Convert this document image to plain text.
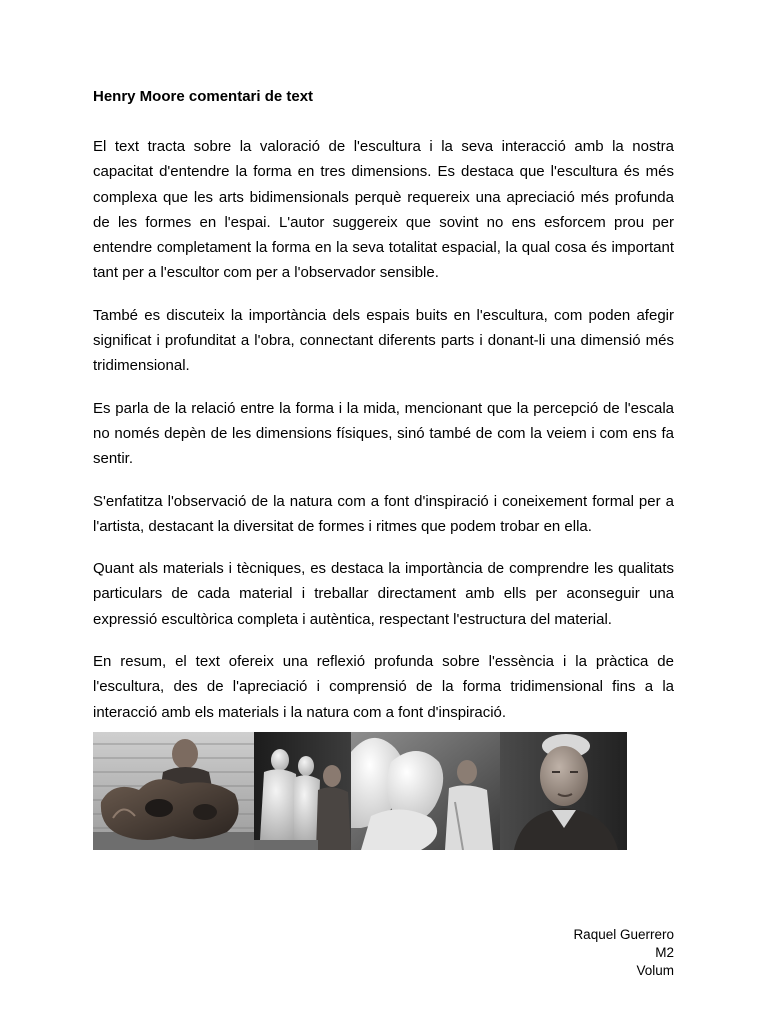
Henry Moore comentari de text

El text tracta sobre la valoració de l'escultura i la seva interacció amb la nostra capacitat d'entendre la forma en tres dimensions. Es destaca que l'escultura és més complexa que les arts bidimensionals perquè requereix una apreciació més profunda de les formes en l'espai. L'autor suggereix que sovint no ens esforcem prou per entendre completament la forma en la seva totalitat espacial, la qual cosa és important tant per a l'escultor com per a l'observador sensible.

També es discuteix la importància dels espais buits en l'escultura, com poden afegir significat i profunditat a l'obra, connectant diferents parts i donant-li una dimensió més tridimensional.

Es parla de la relació entre la forma i la mida, mencionant que la percepció de l'escala no només depèn de les dimensions físiques, sinó també de com la veiem i com ens fa sentir.

S'enfatitza l'observació de la natura com a font d'inspiració i coneixement formal per a l'artista, destacant la diversitat de formes i ritmes que podem trobar en ella.

Quant als materials i tècniques, es destaca la importància de comprendre les qualitats particulars de cada material i treballar directament amb ells per aconseguir una expressió escultòrica completa i autèntica, respectant l'estructura del material.

En resum, el text ofereix una reflexió profunda sobre l'essència i la pràctica de l'escultura, des de l'apreciació i comprensió de la forma tridimensional fins a la interacció amb els materials i la natura com a font d'inspiració.

Raquel Guerrero
M2
Volum
